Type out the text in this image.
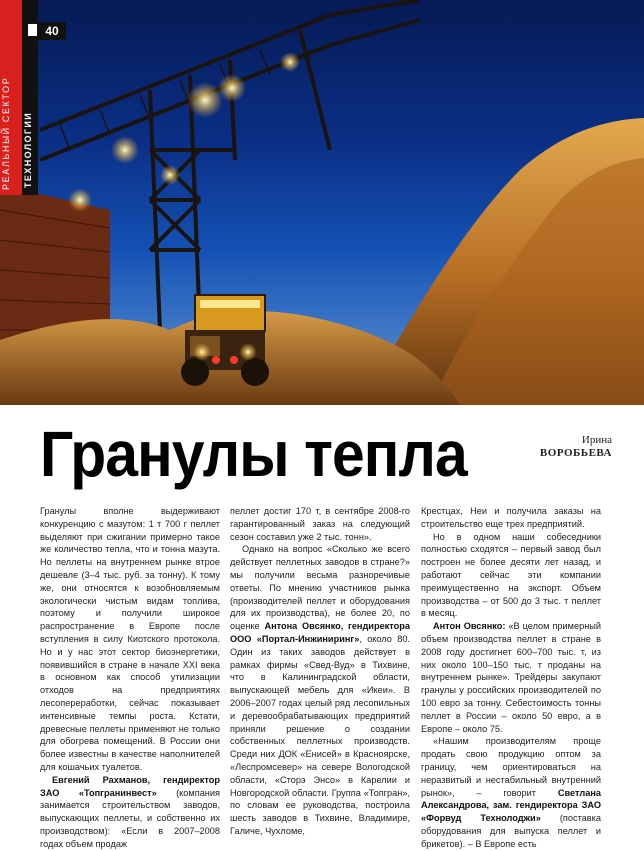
РЕАЛЬНЫЙ СЕКТОР ТЕХНОЛОГИИ
40
Гранулы тепла	Ирина
ВОРОБЬЕВА

Гранулы вполне выдерживают конкуренцию с мазутом: 1 т 700 г пеллет выделяют при сжигании примерно такое же количество тепла, что и тонна мазута. Но пеллеты на внутреннем рынке втрое дешевле (3–4 тыс. руб. за тонну). К тому же, они относятся к возобновляемым экологически чистым видам топлива, поэтому и получили широкое распространение в Европе после вступления в силу Киотского протокола. Но и у нас этот сектор биоэнергетики, появившийся в стране в начале XXI века в основном как способ утилизации отходов на предприятиях лесопереработки, сейчас показывает интенсивные темпы роста. Кстати, древесные пеллеты применяют не только для обогрева помещений. В России они более известны в качестве наполнителей для кошачьих туалетов.

Евгений Рахманов, гендиректор ЗАО «Топгранинвест» (компания занимается строительством заводов, выпускающих пеллеты, и собственно их производством): «Если в 2007–2008 годах объем продаж

пеллет достиг 170 т, в сентябре 2008-го гарантированный заказ на следующий сезон составил уже 2 тыс. тонн».

Однако на вопрос «Сколько же всего действует пеллетных заводов в стране?» мы получили весьма разноречивые ответы. По мнению участников рынка (производителей пеллет и оборудования для их производства), не более 20, по оценке Антона Овсянко, гендиректора ООО «Портал-Инжиниринг», около 80. Один из таких заводов действует в рамках фирмы «Свед-Вуд» в Тихвине, что в Калининградской области, выпускающей мебель для «Икеи». В 2006–2007 годах целый ряд лесопильных и деревообрабатывающих предприятий приняли решение о создании собственных пеллетных производств. Среди них ДОК «Енисей» в Красноярске, «Леспромсевер» на севере Вологодской области, «Сторэ Энсо» в Карелии и Новгородской области. Группа «Топгран», по словам ее руководства, построила шесть заводов в Тихвине, Владимире, Галиче, Чухломе,

Крестцах, Неи и получила заказы на строительство еще трех предприятий.

Но в одном наши собеседники полностью сходятся – первый завод был построен не более десяти лет назад, и работают сейчас эти компании преимущественно на экспорт. Объем производства – от 500 до 3 тыс. т пеллет в месяц.

Антон Овсянко: «В целом примерный объем производства пеллет в стране в 2008 году достигнет 600–700 тыс. т, из них около 100–150 тыс. т проданы на внутреннем рынке». Трейдеры закупают гранулы у российских производителей по 100 евро за тонну. Себестоимость тонны пеллет в России – около 50 евро, а в Европе – около 75.

«Нашим производителям проще продать свою продукцию оптом за границу, чем ориентироваться на неразвитый и нестабильный внутренний рынок», – говорит Светлана Александрова, зам. гендиректора ЗАО «Форвуд Технолоджи» (поставка оборудования для выпуска пеллет и брикетов). – В Европе есть
